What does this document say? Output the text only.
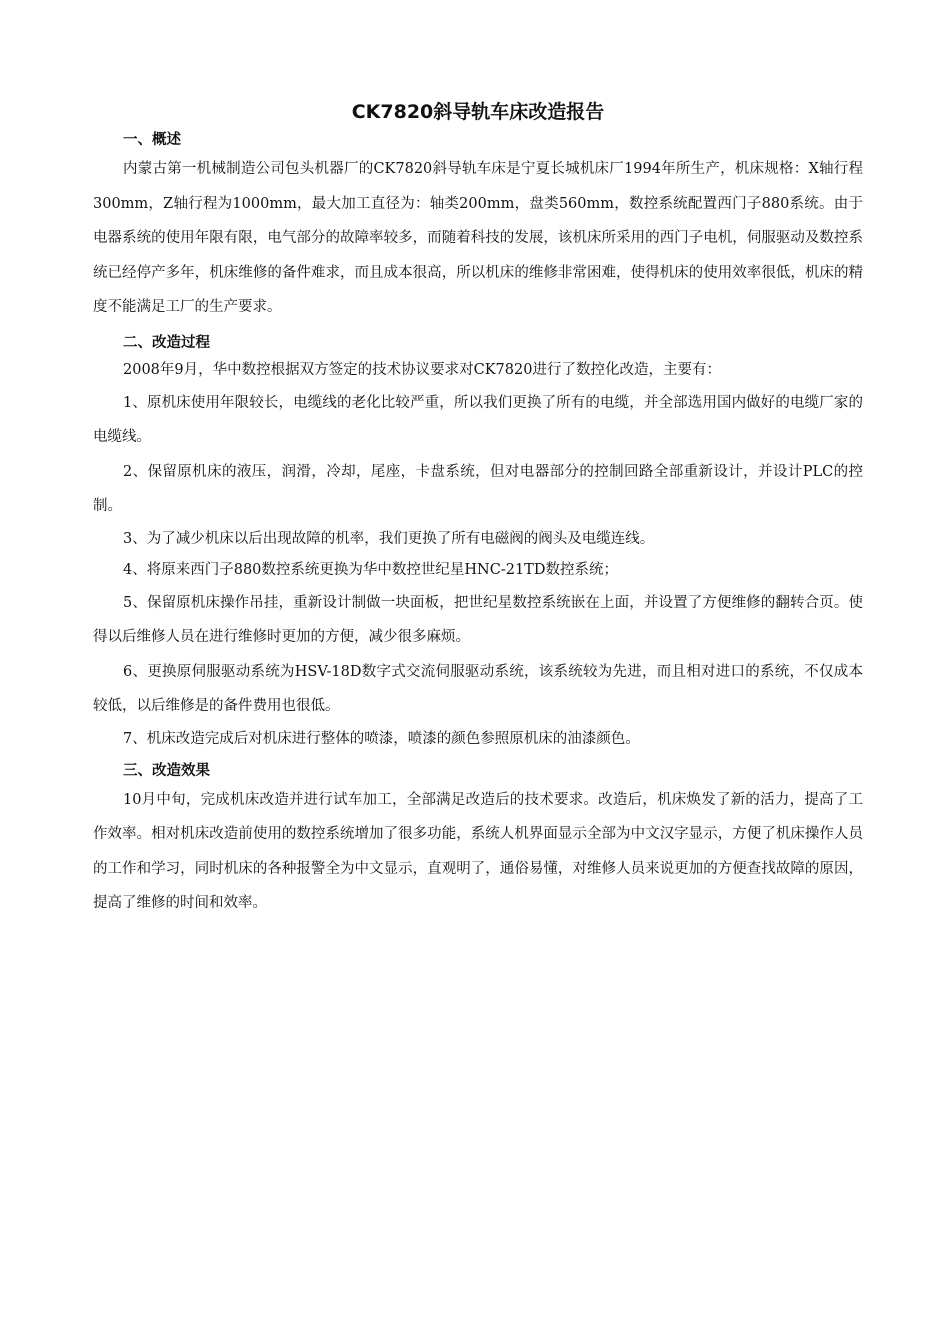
CK7820斜导轨车床改造报告
一、概述

内蒙古第一机械制造公司包头机器厂的CK7820斜导轨车床是宁夏长城机床厂1994年所生产，机床规格：X轴行程300mm，Z轴行程为1000mm，最大加工直径为：轴类200mm，盘类560mm，数控系统配置西门子880系统。由于电器系统的使用年限有限，电气部分的故障率较多，而随着科技的发展，该机床所采用的西门子电机，伺服驱动及数控系统已经停产多年，机床维修的备件难求，而且成本很高，所以机床的维修非常困难，使得机床的使用效率很低，机床的精度不能满足工厂的生产要求。

二、改造过程

2008年9月，华中数控根据双方签定的技术协议要求对CK7820进行了数控化改造，主要有：

1、原机床使用年限较长，电缆线的老化比较严重，所以我们更换了所有的电缆，并全部选用国内做好的电缆厂家的电缆线。

2、保留原机床的液压，润滑，冷却，尾座，卡盘系统，但对电器部分的控制回路全部重新设计，并设计PLC的控制。

3、为了减少机床以后出现故障的机率，我们更换了所有电磁阀的阀头及电缆连线。

4、将原来西门子880数控系统更换为华中数控世纪星HNC-21TD数控系统；

5、保留原机床操作吊挂，重新设计制做一块面板，把世纪星数控系统嵌在上面，并设置了方便维修的翻转合页。使得以后维修人员在进行维修时更加的方便，减少很多麻烦。

6、更换原伺服驱动系统为HSV-18D数字式交流伺服驱动系统，该系统较为先进，而且相对进口的系统，不仅成本较低，以后维修是的备件费用也很低。

7、机床改造完成后对机床进行整体的喷漆，喷漆的颜色参照原机床的油漆颜色。

三、改造效果

10月中旬，完成机床改造并进行试车加工，全部满足改造后的技术要求。改造后，机床焕发了新的活力，提高了工作效率。相对机床改造前使用的数控系统增加了很多功能，系统人机界面显示全部为中文汉字显示，方便了机床操作人员的工作和学习，同时机床的各种报警全为中文显示，直观明了，通俗易懂，对维修人员来说更加的方便查找故障的原因，提高了维修的时间和效率。
